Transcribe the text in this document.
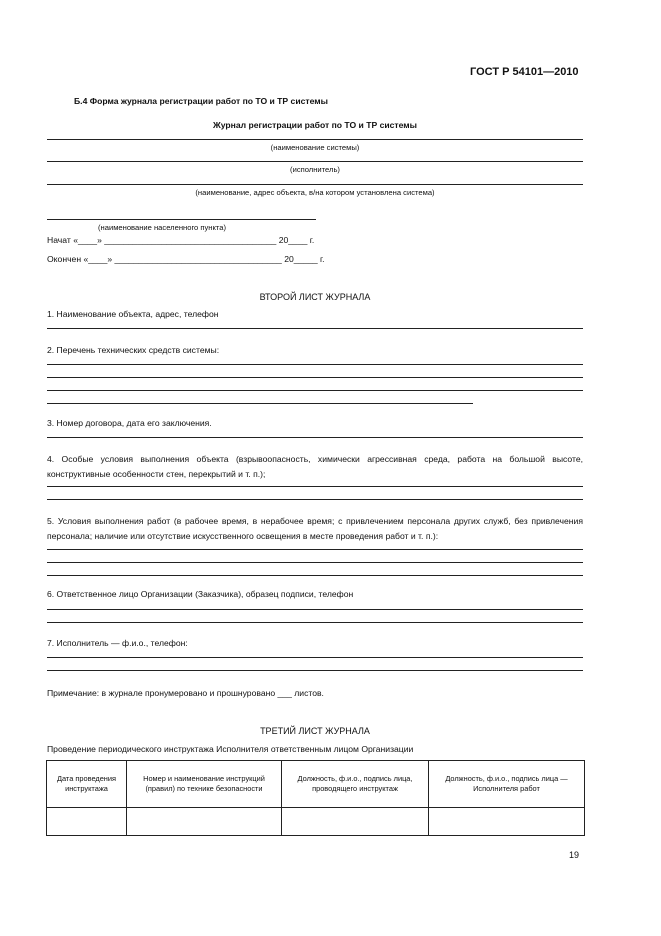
ГОСТ Р 54101—2010
Б.4 Форма журнала регистрации работ по ТО и ТР системы
Журнал регистрации работ по ТО и ТР системы
(наименование системы)
(исполнитель)
(наименование, адрес объекта, в/на котором установлена система)
(наименование населенного пункта)
Начат «____» ____________________________________ 20____ г.
Окончен «____» ___________________________________ 20_____ г.
ВТОРОЙ ЛИСТ ЖУРНАЛА
1. Наименование объекта, адрес, телефон
2. Перечень технических средств системы:
3. Номер договора, дата его заключения.
4. Особые условия выполнения объекта (взрывоопасность, химически агрессивная среда, работа на большой высоте, конструктивные особенности стен, перекрытий и т. п.);
5. Условия выполнения работ (в рабочее время, в нерабочее время; с привлечением персонала других служб, без привлечения персонала; наличие или отсутствие искусственного освещения в месте проведения работ и т. п.):
6. Ответственное лицо Организации (Заказчика), образец подписи, телефон
7. Исполнитель — ф.и.о., телефон:
Примечание: в журнале пронумеровано и прошнуровано ___ листов.
ТРЕТИЙ ЛИСТ ЖУРНАЛА
Проведение периодического инструктажа Исполнителя ответственным лицом Организации
Дата проведения инструктажа	Номер и наименование инструкций (правил) по технике безопасности	Должность, ф.и.о., подпись лица, проводящего инструктаж	Должность, ф.и.о., подпись лица — Исполнителя работ

19
